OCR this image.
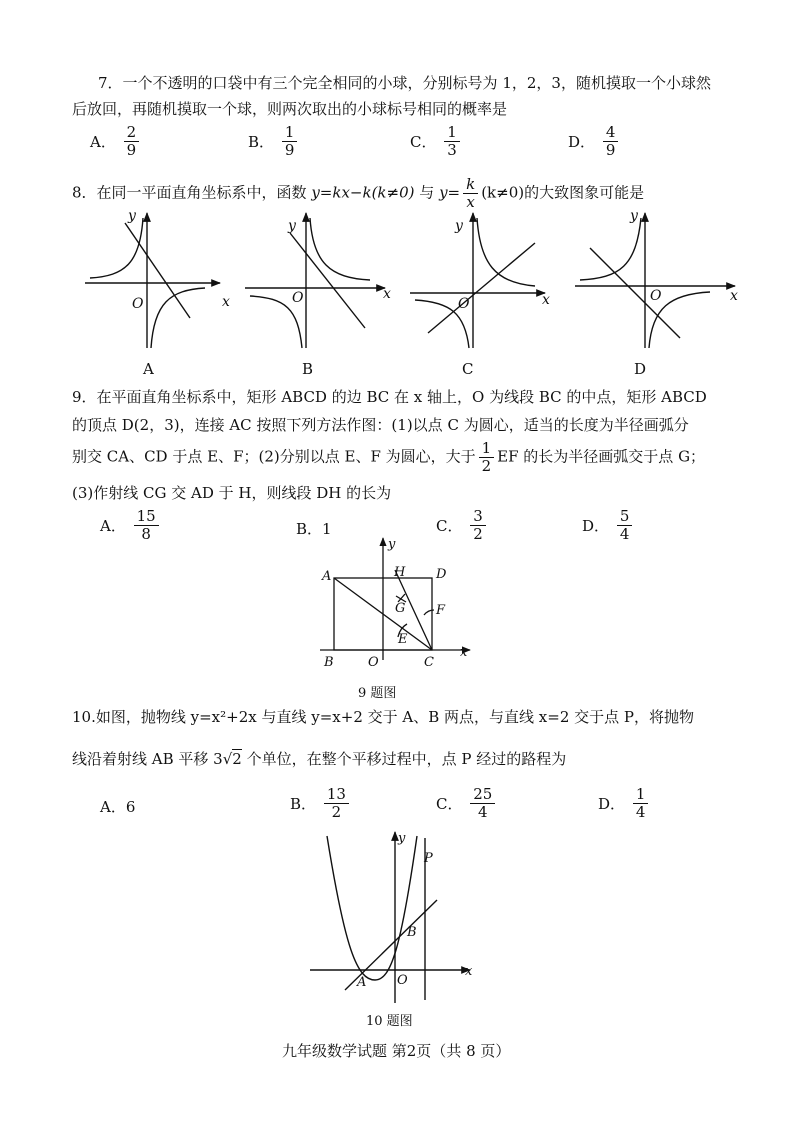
7．一个不透明的口袋中有三个完全相同的小球，分别标号为 1，2，3，随机摸取一个小球然
后放回，再随机摸取一个球，则两次取出的小球标号相同的概率是
A． $\frac{2}{9}$	B． $\frac{1}{9}$	C． $\frac{1}{3}$	D． $\frac{4}{9}$
8．在同一平面直角坐标系中，函数 y=kx−k(k≠0) 与 $y= \frac{k}{x} (k\ne 0)$的大致图象可能是
y
x
O
y
x
O
y
x
O
y
x
O
A	B	C	D
9．在平面直角坐标系中，矩形 ABCD 的边 BC 在 x 轴上，O 为线段 BC 的中点，矩形 ABCD
的顶点 D(2，3)，连接 AC 按照下列方法作图：(1)以点 C 为圆心，适当的长度为半径画弧分
别交 CA、CD 于点 E、F；(2)分别以点 E、F 为圆心，大于 $\frac{1}{2}$ EF 的长为半径画弧交于点 G；
(3)作射线 CG 交 AD 于 H，则线段 DH 的长为
A． $\frac{15}{8}$	B．1	C． $\frac{3}{2}$	D． $\frac{5}{4}$
A	H D
G F
E
B	O	C
y
x
9 题图
10.如图，抛物线 y=x²+2x 与直线 y=x+2 交于 A、B 两点，与直线 x=2 交于点 P，将抛物
线沿着射线 AB 平移 3√2 个单位，在整个平移过程中，点 P 经过的路程为
A．6	B． $\frac{13}{2}$	C． $\frac{25}{4}$	D． $\frac{1}{4}$
y
P
B
A O
x
10 题图
九年级数学试题 第2页（共 8 页）
